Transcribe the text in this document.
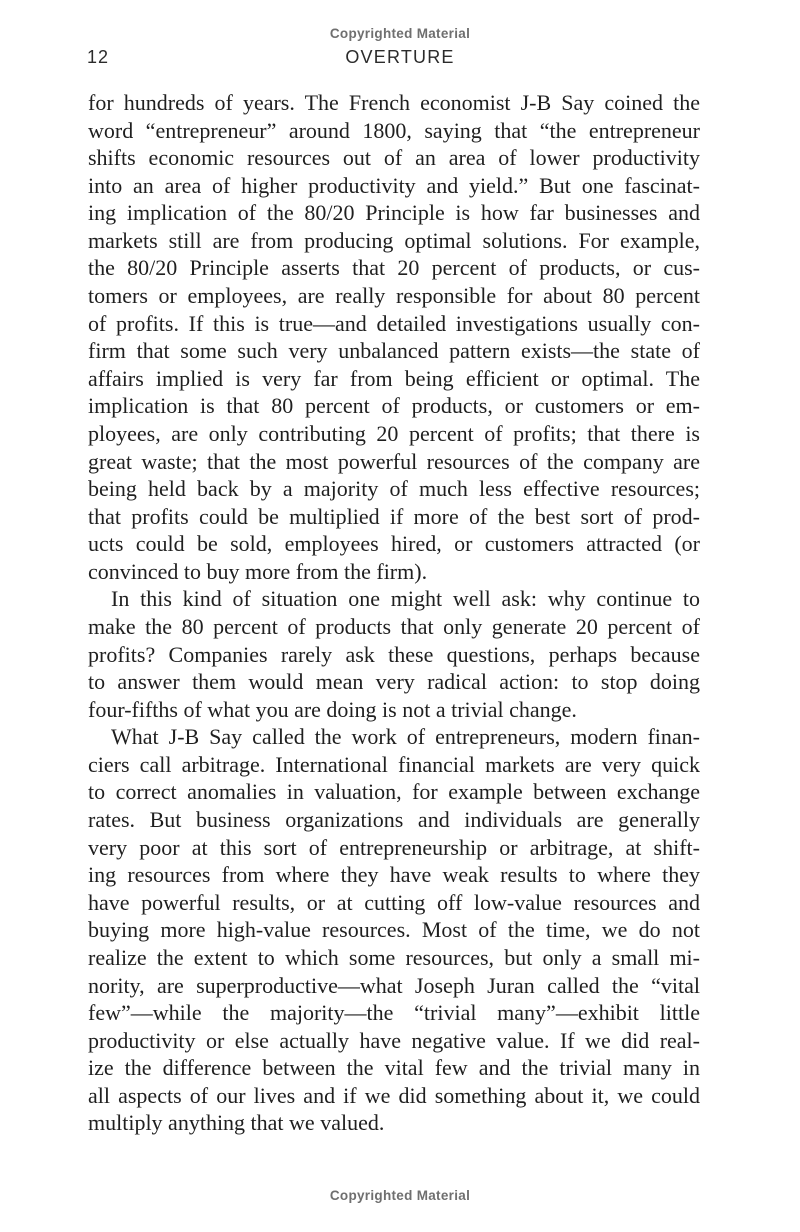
Copyrighted Material
12	OVERTURE
for hundreds of years. The French economist J-B Say coined the
word “entrepreneur” around 1800, saying that “the entrepreneur
shifts economic resources out of an area of lower productivity
into an area of higher productivity and yield.” But one fascinat-
ing implication of the 80/20 Principle is how far businesses and
markets still are from producing optimal solutions. For example,
the 80/20 Principle asserts that 20 percent of products, or cus-
tomers or employees, are really responsible for about 80 percent
of profits. If this is true—and detailed investigations usually con-
firm that some such very unbalanced pattern exists—the state of
affairs implied is very far from being efficient or optimal. The
implication is that 80 percent of products, or customers or em-
ployees, are only contributing 20 percent of profits; that there is
great waste; that the most powerful resources of the company are
being held back by a majority of much less effective resources;
that profits could be multiplied if more of the best sort of prod-
ucts could be sold, employees hired, or customers attracted (or
convinced to buy more from the firm).
In this kind of situation one might well ask: why continue to
make the 80 percent of products that only generate 20 percent of
profits? Companies rarely ask these questions, perhaps because
to answer them would mean very radical action: to stop doing
four-fifths of what you are doing is not a trivial change.
What J-B Say called the work of entrepreneurs, modern finan-
ciers call arbitrage. International financial markets are very quick
to correct anomalies in valuation, for example between exchange
rates. But business organizations and individuals are generally
very poor at this sort of entrepreneurship or arbitrage, at shift-
ing resources from where they have weak results to where they
have powerful results, or at cutting off low-value resources and
buying more high-value resources. Most of the time, we do not
realize the extent to which some resources, but only a small mi-
nority, are superproductive—what Joseph Juran called the “vital
few”—while the majority—the “trivial many”—exhibit little
productivity or else actually have negative value. If we did real-
ize the difference between the vital few and the trivial many in
all aspects of our lives and if we did something about it, we could
multiply anything that we valued.
Copyrighted Material
